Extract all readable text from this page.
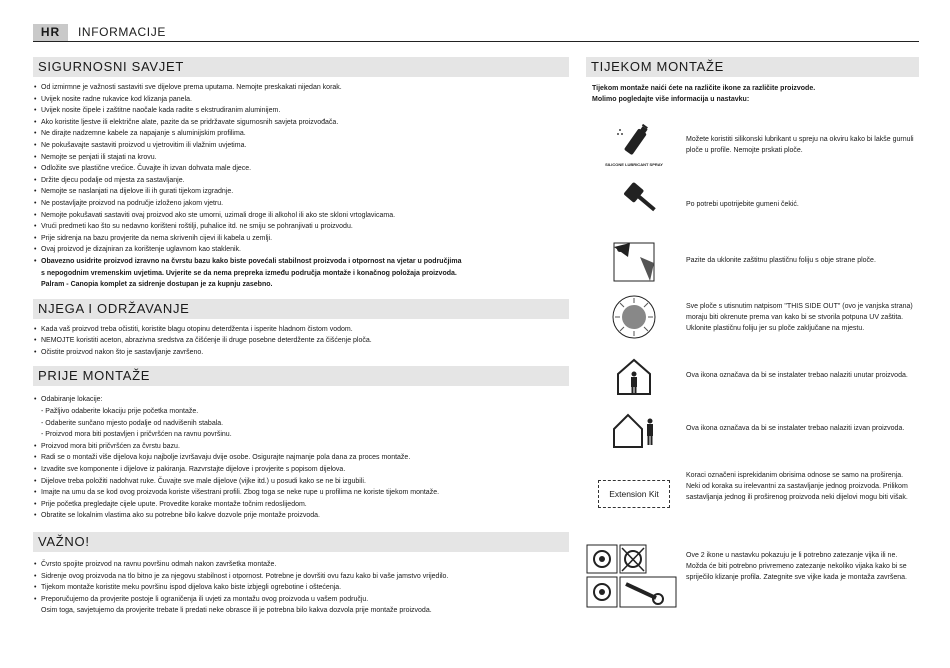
HR	INFORMACIJE
SIGURNOSNI SAVJET
• Od izmirmne je važnosti sastaviti sve dijelove prema uputama. Nemojte preskakati nijedan korak.
• Uvijek nosite radne rukavice kod klizanja panela.
• Uvijek nosite čipele i zaštitne naočale kada radite s ekstrudiranim aluminijem.
• Ako koristite ljestve ili električne alate, pazite da se pridržavate sigurnosnih savjeta proizvođača.
• Ne dirajte nadzemne kabele za napajanje s aluminijskim profilima.
• Ne pokušavajte sastaviti proizvod u vjetrovitim ili vlažnim uvjetima.
• Nemojte se penjati ili stajati na krovu.
• Odložite sve plastične vrećice. Čuvajte ih izvan dohvata male djece.
• Držite djecu podalje od mjesta za sastavljanje.
• Nemojte se naslanjati na dijelove ili ih gurati tijekom izgradnje.
• Ne postavljajte proizvod na područje izloženo jakom vjetru.
• Nemojte pokušavati sastaviti ovaj proizvod ako ste umorni, uzimali droge ili alkohol ili ako ste skloni vrtoglavicama.
• Vrući predmeti kao što su nedavno korišteni roštilji, puhalice itd. ne smiju se pohranjivati u proizvodu.
• Prije sidrenja na bazu provjerite da nema skrivenih cijevi ili kabela u zemlji.
• Ovaj proizvod je dizajniran za korištenje uglavnom kao staklenik.
• Obavezno usidrite proizvod izravno na čvrstu bazu kako biste povećali stabilnost proizvoda i otpornost na vjetar u područjima
s nepogodnim vremenskim uvjetima. Uvjerite se da nema prepreka između područja montaže i konačnog položaja proizvoda.
Palram - Canopia komplet za sidrenje dostupan je za kupnju zasebno.
NJEGA I ODRŽAVANJE
• Kada vaš proizvod treba očistiti, koristite blagu otopinu deterdženta i isperite hladnom čistom vodom.
• NEMOJTE koristiti aceton, abrazivna sredstva za čišćenje ili druge posebne deterdžente za čišćenje ploča.
• Očistite proizvod nakon što je sastavljanje završeno.
PRIJE MONTAŽE
• Odabiranje lokacije:
- Pažljivo odaberite lokaciju prije početka montaže.
- Odaberite sunčano mjesto podalje od nadvišenih stabala.
- Proizvod mora biti postavljen i pričvršćen na ravnu površinu.
• Proizvod mora biti pričvršćen za čvrstu bazu.
• Radi se o montaži više dijelova koju najbolje izvršavaju dvije osobe. Osigurajte najmanje pola dana za proces montaže.
• Izvadite sve komponente i dijelove iz pakiranja. Razvrstajte dijelove i provjerite s popisom dijelova.
• Dijelove treba položiti nadohvat ruke. Čuvajte sve male dijelove (vijke itd.) u posudi kako se ne bi izgubili.
• Imajte na umu da se kod ovog proizvoda koriste višestrani profili. Zbog toga se neke rupe u profilima ne koriste tijekom montaže.
• Prije početka pregledajte cijele upute. Provedite korake montaže točnim redoslijedom.
• Obratite se lokalnim vlastima ako su potrebne bilo kakve dozvole prije montaže proizvoda.
VAŽNO!
• Čvrsto spojite proizvod na ravnu površinu odmah nakon završetka montaže.
• Sidrenje ovog proizvoda na tlo bitno je za njegovu stabilnost i otpornost. Potrebne je dovršiti ovu fazu kako bi vaše jamstvo vrijedilo.
• Tijekom montaže koristite meku površinu ispod dijelova kako biste izbjegli ogrebotine i oštećenja.
• Preporučujemo da provjerite postoje li ograničenja ili uvjeti za montažu ovog proizvoda u vašem području.
Osim toga, savjetujemo da provjerite trebate li predati neke obrasce ili je potrebna bilo kakva dozvola prije montaže proizvoda.
TIJEKOM MONTAŽE
Tijekom montaže naići ćete na različite ikone za različite proizvode.
Molimo pogledajte više informacija u nastavku:
SILICONE LUBRICANT SPRAY
Možete koristiti silikonski lubrikant u spreju na okviru kako bi lakše gurnuli ploče u profile. Nemojte prskati ploče.
Po potrebi upotrijebite gumeni čekić.
Pazite da uklonite zaštitnu plastičnu foliju s obje strane ploče.
Sve ploče s utisnutim natpisom "THIS SIDE OUT" (ovo je vanjska strana) moraju biti okrenute prema van kako bi se stvorila potpuna UV zaštita. Uklonite plastičnu foliju jer su ploče zaključane na mjestu.
Ova ikona označava da bi se instalater trebao nalaziti unutar proizvoda.
Ova ikona označava da bi se instalater trebao nalaziti izvan proizvoda.
Extension Kit
Koraci označeni isprekidanim obrisima odnose se samo na proširenja. Neki od koraka su irelevantni za sastavljanje jednog proizvoda. Prilikom sastavljanja jednog ili proširenog proizvoda neki dijelovi mogu biti višak.
Ove 2 ikone u nastavku pokazuju je li potrebno zatezanje vijka ili ne. Možda će biti potrebno privremeno zatezanje nekoliko vijaka kako bi se spriječilo klizanje profila. Zategnite sve vijke kada je montaža završena.
